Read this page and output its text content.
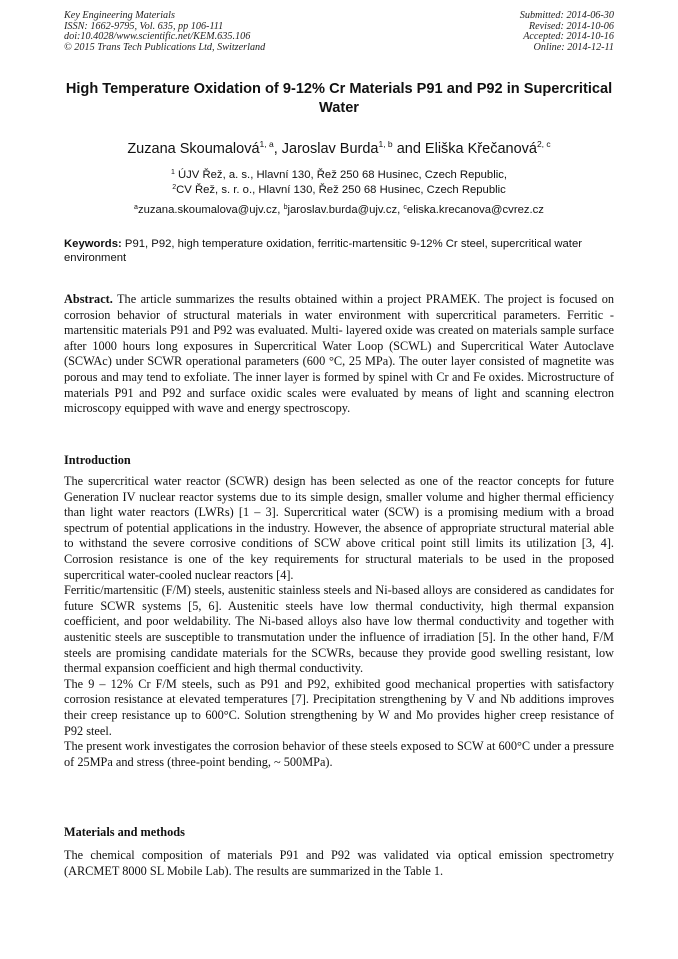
Key Engineering Materials
ISSN: 1662-9795, Vol. 635, pp 106-111
doi:10.4028/www.scientific.net/KEM.635.106
© 2015 Trans Tech Publications Ltd, Switzerland
Submitted: 2014-06-30
Revised: 2014-10-06
Accepted: 2014-10-16
Online: 2014-12-11
High Temperature Oxidation of 9-12% Cr Materials P91 and P92 in Supercritical Water
Zuzana Skoumalová$^{1, a}$, Jaroslav Burda$^{1, b}$ and Eliška Křečanová$^{2, c}$
$^1$ ÚJV Řež, a. s., Hlavní 130, Řež 250 68 Husinec, Czech Republic,
$^2$CV Řež, s. r. o., Hlavní 130, Řež 250 68 Husinec, Czech Republic
$^a$zuzana.skoumalova@ujv.cz, $^b$jaroslav.burda@ujv.cz, $^c$eliska.krecanova@cvrez.cz
Keywords: P91, P92, high temperature oxidation, ferritic-martensitic 9-12% Cr steel, supercritical water environment
Abstract. The article summarizes the results obtained within a project PRAMEK. The project is focused on corrosion behavior of structural materials in water environment with supercritical parameters. Ferritic - martensitic materials P91 and P92 was evaluated. Multi- layered oxide was created on materials sample surface after 1000 hours long exposures in Supercritical Water Loop (SCWL) and Supercritical Water Autoclave (SCWAc) under SCWR operational parameters (600 °C, 25 MPa). The outer layer consisted of magnetite was porous and may tend to exfoliate. The inner layer is formed by spinel with Cr and Fe oxides. Microstructure of materials P91 and P92 and surface oxidic scales were evaluated by means of light and scanning electron microscopy equipped with wave and energy spectroscopy.
Introduction

The supercritical water reactor (SCWR) design has been selected as one of the reactor concepts for future Generation IV nuclear reactor systems due to its simple design, smaller volume and higher thermal efficiency than light water reactors (LWRs) [1 – 3]. Supercritical water (SCW) is a promising medium with a broad spectrum of potential applications in the industry. However, the absence of appropriate structural material able to withstand the severe corrosive conditions of SCW above critical point still limits its utilization [3, 4]. Corrosion resistance is one of the key requirements for structural materials to be used in the proposed supercritical water-cooled nuclear reactors [4].

Ferritic/martensitic (F/M) steels, austenitic stainless steels and Ni-based alloys are considered as candidates for future SCWR systems [5, 6]. Austenitic steels have low thermal conductivity, high thermal expansion coefficient, and poor weldability. The Ni-based alloys also have low thermal conductivity and together with austenitic steels are susceptible to transmutation under the influence of irradiation [5]. In the other hand, F/M steels are promising candidate materials for the SCWRs, because they provide good swelling resistant, low thermal expansion coefficient and high thermal conductivity.

The 9 – 12% Cr F/M steels, such as P91 and P92, exhibited good mechanical properties with satisfactory corrosion resistance at elevated temperatures [7]. Precipitation strengthening by V and Nb additions improves their creep resistance up to 600°C. Solution strengthening by W and Mo provides higher creep resistance of P92 steel.

The present work investigates the corrosion behavior of these steels exposed to SCW at 600°C under a pressure of 25MPa and stress (three-point bending, ~ 500MPa).

Materials and methods
The chemical composition of materials P91 and P92 was validated via optical emission spectrometry (ARCMET 8000 SL Mobile Lab). The results are summarized in the Table 1.
